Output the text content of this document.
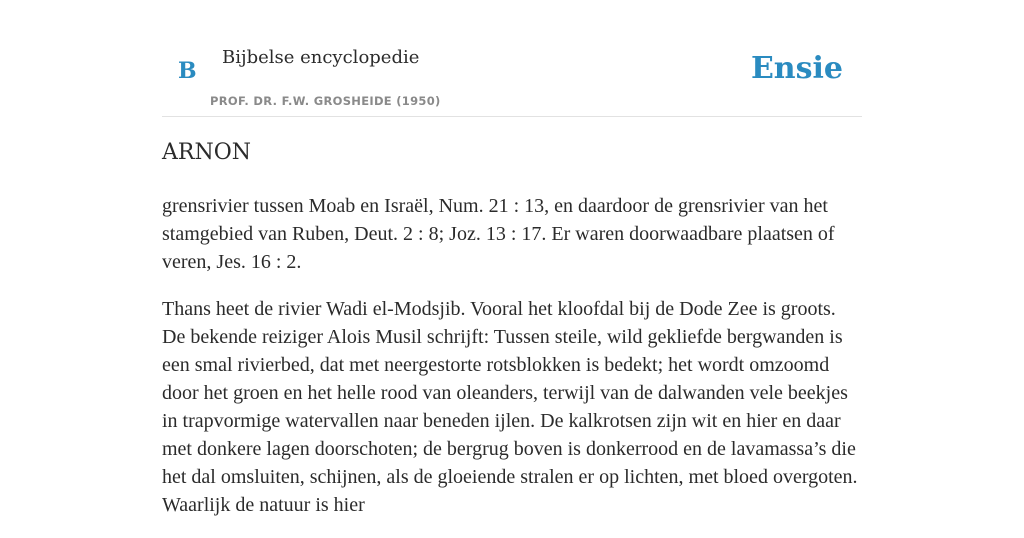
B
Bijbelse encyclopedie
PROF. DR. F.W. GROSHEIDE (1950)
Ensie
ARNON

grensrivier tussen Moab en Israël, Num. 21 : 13, en daardoor de grensrivier van het stamgebied van Ruben, Deut. 2 : 8; Joz. 13 : 17. Er waren doorwaadbare plaatsen of veren, Jes. 16 : 2.

Thans heet de rivier Wadi el-Modsjib. Vooral het kloofdal bij de Dode Zee is groots. De bekende reiziger Alois Musil schrijft: Tussen steile, wild gekliefde bergwanden is een smal rivierbed, dat met neergestorte rotsblokken is bedekt; het wordt omzoomd door het groen en het helle rood van oleanders, terwijl van de dalwanden vele beekjes in trapvormige watervallen naar beneden ijlen. De kalkrotsen zijn wit en hier en daar met donkere lagen doorschoten; de bergrug boven is donkerrood en de lavamassa’s die het dal omsluiten, schijnen, als de gloeiende stralen er op lichten, met bloed overgoten. Waarlijk de natuur is hier
